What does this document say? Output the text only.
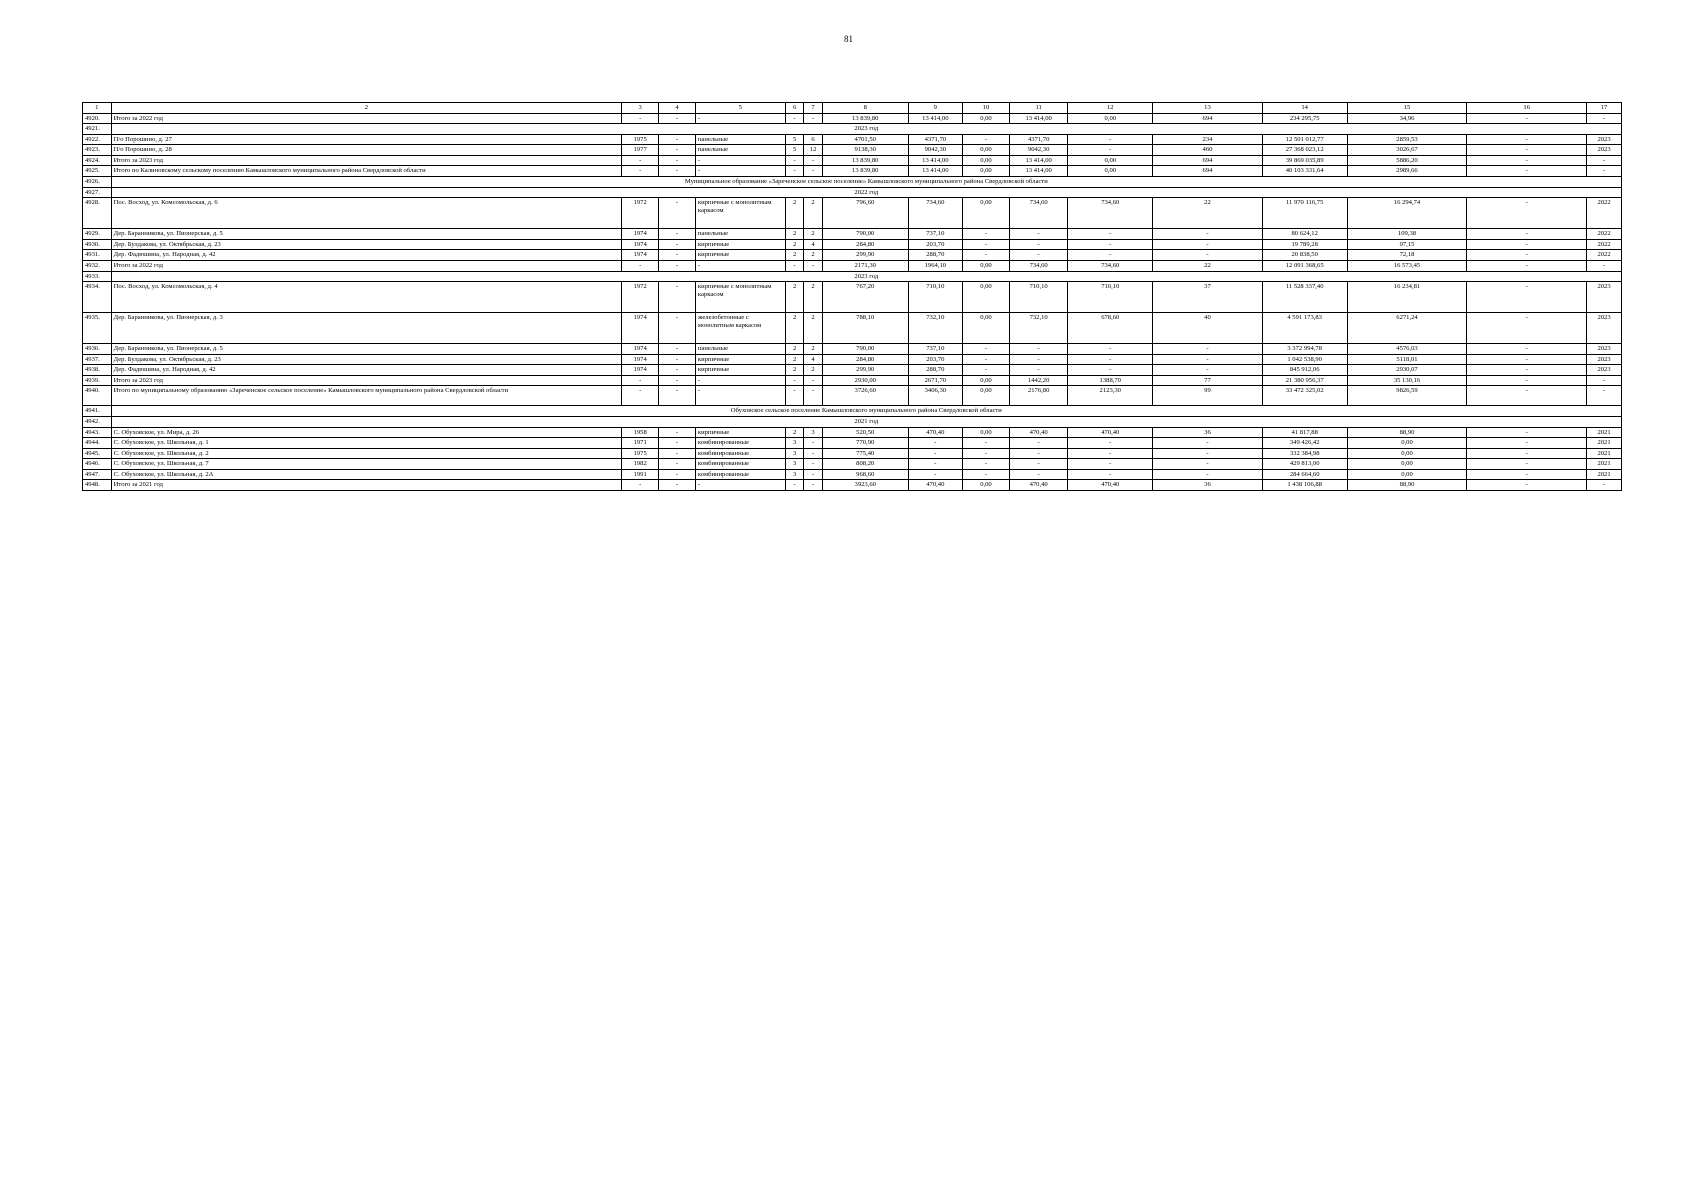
81
1	2	3	4	5	6	7	8	9	10	11	12	13	14	15	16	17
4920.	Итого за 2022 год	-	-	-	-	-	13 839,80	13 414,00	0,00	13 414,00	0,00	694	234 295,75	34,96	-	-
4921.	2023 год															
4922.	П/о Порошино, д. 27	1975	-	панельные	5	6	4701,50	4371,70	-	4371,70	-	234	12 501 012,77	2859,53	-	2023
4923.	П/о Порошино, д. 28	1977	-	панельные	5	12	9138,30	9042,30	0,00	9042,30	-	460	27 368 023,12	3026,67	-	2023
4924.	Итого за 2023 год	-	-	-	-	-	13 839,80	13 414,00	0,00	13 414,00	0,00	694	39 869 035,89	5886,20	-	-
4925.	Итого по Калиновскому сельскому поселению Камышловского муниципального района Свердловской области	-	-	-	-	-	13 839,80	13 414,00	0,00	13 414,00	0,00	694	40 103 331,64	2989,66	-	-
4926.	Муниципальное образование «Зареченское сельское поселение» Камышловского муниципального района Свердловской области															
4927.	2022 год															
4928.	Пос. Восход, ул. Комсомольская, д. 6	1972	-	кирпичные с монолитным каркасом	2	2	796,60	734,60	0,00	734,60	734,60	22	11 970 116,75	16 294,74	-	2022
4929.	Дер. Баранникова, ул. Пионерская, д. 5	1974	-	панельные	2	2	790,00	737,10	-	-	-	-	80 624,12	109,38	-	2022
4930.	Дер. Булдакова, ул. Октябрьская, д. 23	1974	-	кирпичные	2	4	284,80	203,70	-	-	-	-	19 789,28	97,15	-	2022
4931.	Дер. Фадюшина, ул. Народная, д. 42	1974	-	кирпичные	2	2	299,90	288,70	-	-	-	-	20 838,50	72,18	-	2022
4932.	Итого за 2022 год	-	-	-	-	-	2171,30	1964,10	0,00	734,60	734,60	22	12 091 368,65	16 573,45	-	-
4933.	2023 год															
4934.	Пос. Восход, ул. Комсомольская, д. 4	1972	-	кирпичные с монолитным каркасом	2	2	767,20	710,10	0,00	710,10	710,10	37	11 528 337,40	16 234,81	-	2023
4935.	Дер. Баранникова, ул. Пионерская, д. 3	1974	-	железобетонные с монолитным каркасом	2	2	788,10	732,10	0,00	732,10	678,60	40	4 591 173,83	6271,24	-	2023
4936.	Дер. Баранникова, ул. Пионерская, д. 5	1974	-	панельные	2	2	790,00	737,10	-	-	-	-	3 372 994,78	4576,03	-	2023
4937.	Дер. Булдакова, ул. Октябрьская, д. 23	1974	-	кирпичные	2	4	284,80	203,70	-	-	-	-	1 042 538,90	5118,01	-	2023
4938.	Дер. Фадюшина, ул. Народная, д. 42	1974	-	кирпичные	2	2	299,90	288,70	-	-	-	-	845 912,06	2930,07	-	2023
4939.	Итого за 2023 год	-	-	-	-	-	2930,00	2671,70	0,00	1442,20	1388,70	77	21 380 956,37	35 130,16	-	-
4940.	Итого по муниципальному образованию «Зареченское сельское поселение» Камышловского муниципального района Свердловской области	-	-	-	-	-	3726,60	3406,30	0,00	2176,80	2123,30	99	33 472 325,02	9826,59	-	-
4941.	Обуховское сельское поселение Камышловского муниципального района Свердловской области															
4942.	2021 год															
4943.	С. Обуховское, ул. Мира, д. 26	1958	-	кирпичные	2	3	520,50	470,40	0,00	470,40	470,40	36	41 817,88	88,90	-	2021
4944.	С. Обуховское, ул. Школьная, д. 1	1971	-	комбинированные	3	-	770,90	-	-	-	-	-	349 426,42	0,00	-	2021
4945.	С. Обуховское, ул. Школьная, д. 2	1975	-	комбинированные	3	-	775,40	-	-	-	-	-	332 384,98	0,00	-	2021
4946.	С. Обуховское, ул. Школьная, д. 7	1982	-	комбинированные	3	-	808,20	-	-	-	-	-	429 813,00	0,00	-	2021
4947.	С. Обуховское, ул. Школьная, д. 2А	1991	-	комбинированные	3	-	968,60	-	-	-	-	-	284 664,60	0,00	-	2021
4948.	Итого за 2021 год	-	-	-	-	-	3923,60	470,40	0,00	470,40	470,40	36	1 438 106,88	88,90	-	-
